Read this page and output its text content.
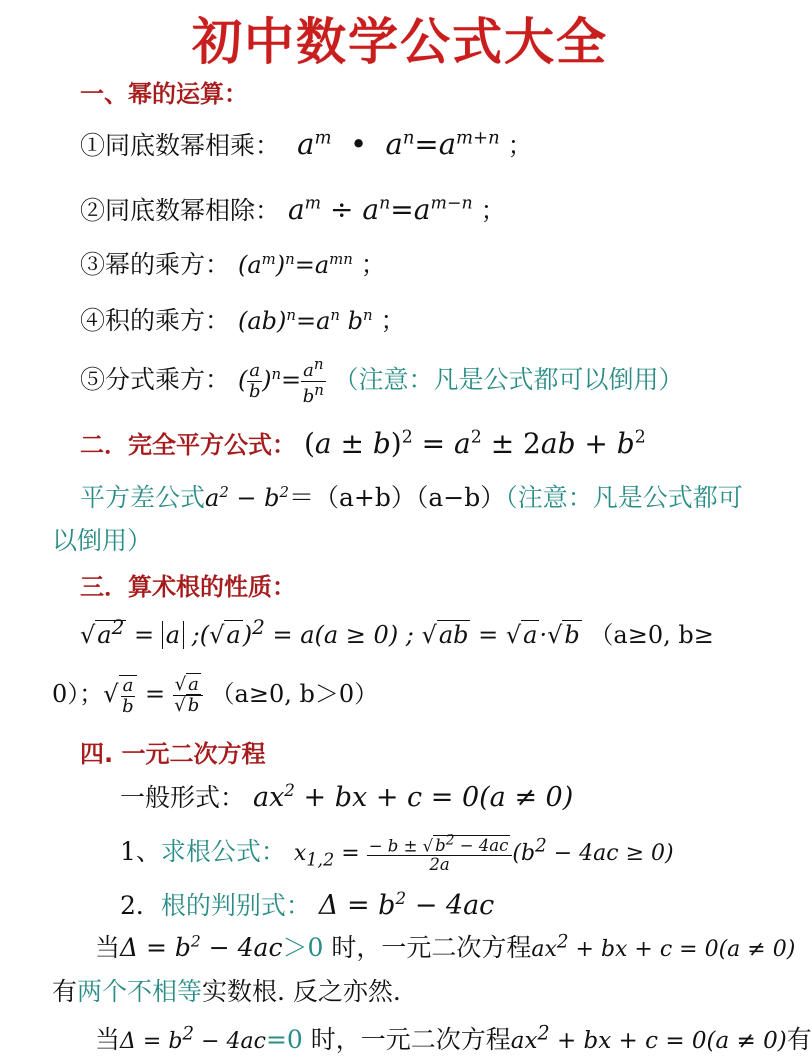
初中数学公式大全
一、幂的运算：
①同底数幂相乘：  $a^m$  •  $a^n=a^{m+n}$ ；
②同底数幂相除： $a^m \div a^n=a^{m-n}$ ；
③幂的乘方： $(a^m)^n=a^{mn}$ ；
④积的乘方： $(ab)^n=a^n$ $b^n$ ；
⑤分式乘方： ( $\frac{a}{b} )^n= \frac{a^n}{b^n}$ （注意：凡是公式都可以倒用）
二．完全平方公式： $(a \pm b)^2 = a^2 \pm 2ab + b^2$
平方差公式$a^2 - b^2=(a+b)(a-b)$（注意：凡是公式都可
以倒用）
三．算术根的性质：
$√a^2 = a$ $;(√a)^2 = a(a \ge 0)$ ; √ab = √a·√b （a≥0, b≥
0）；√ $\frac{a}{b} = \frac{√ a}{√ b} (a\ge 0$, b＞0）
四. 一元二次方程
一般形式： $ax^2$ + bx + c = 0(a ≠ 0)
1、求根公式： $x_{1,2} = \frac{- b \pm √ b^2 - 4ac}{2a} (b^2 - 4ac \ge 0)$
2．根的判别式： $\Delta = b^2 - 4ac$
当$\Delta = b^2 - 4ac>0$ 时，一元二次方程$ax^2$ + bx + c = 0(a ≠ 0)
有两个不相等实数根. 反之亦然.
当$\Delta = b^2 - 4ac=0$ 时，一元二次方程$ax^2$ + bx + c = 0(a ≠ 0)有
